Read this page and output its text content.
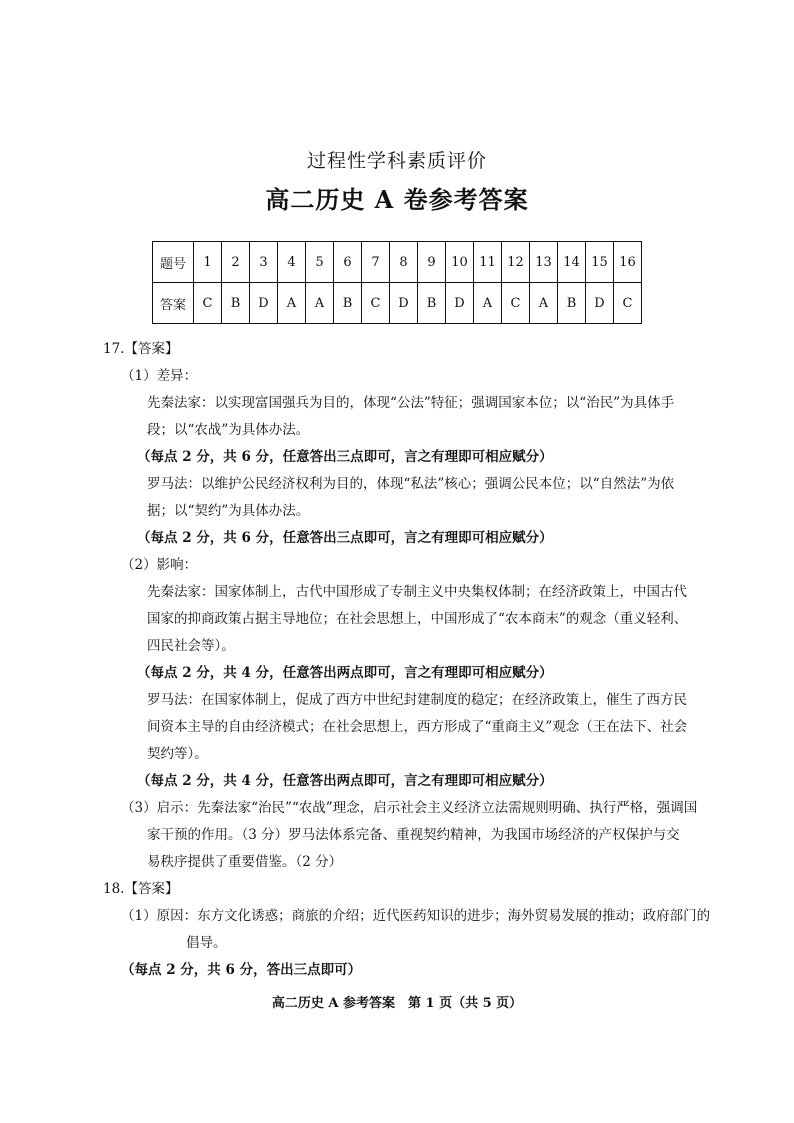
过程性学科素质评价
高二历史 A 卷参考答案
题号	1	2	3	4	5	6	7	8	9	10	11	12	13	14	15	16
答案	C	B	D	A	A	B	C	D	B	D	A	C	A	B	D	C
17.【答案】
（1）差异：
先秦法家：以实现富国强兵为目的，体现“公法”特征；强调国家本位；以“治民”为具体手
段；以“农战”为具体办法。
（每点 2 分，共 6 分，任意答出三点即可，言之有理即可相应赋分）
罗马法：以维护公民经济权利为目的，体现“私法”核心；强调公民本位；以“自然法”为依
据；以“契约”为具体办法。
（每点 2 分，共 6 分，任意答出三点即可，言之有理即可相应赋分）
（2）影响：
先秦法家：国家体制上，古代中国形成了专制主义中央集权体制；在经济政策上，中国古代
国家的抑商政策占据主导地位；在社会思想上，中国形成了“农本商末”的观念（重义轻利、
四民社会等）。
（每点 2 分，共 4 分，任意答出两点即可，言之有理即可相应赋分）
罗马法：在国家体制上，促成了西方中世纪封建制度的稳定；在经济政策上，催生了西方民
间资本主导的自由经济模式；在社会思想上，西方形成了“重商主义”观念（王在法下、社会
契约等）。
（每点 2 分，共 4 分，任意答出两点即可，言之有理即可相应赋分）
（3）启示：先秦法家“治民”“农战”理念，启示社会主义经济立法需规则明确、执行严格，强调国
家干预的作用。（3 分）罗马法体系完备、重视契约精神，为我国市场经济的产权保护与交
易秩序提供了重要借鉴。（2 分）
18.【答案】
（1）原因：东方文化诱惑；商旅的介绍；近代医药知识的进步；海外贸易发展的推动；政府部门的
倡导。
（每点 2 分，共 6 分，答出三点即可）
高二历史 A 参考答案　第 1 页（共 5 页）
